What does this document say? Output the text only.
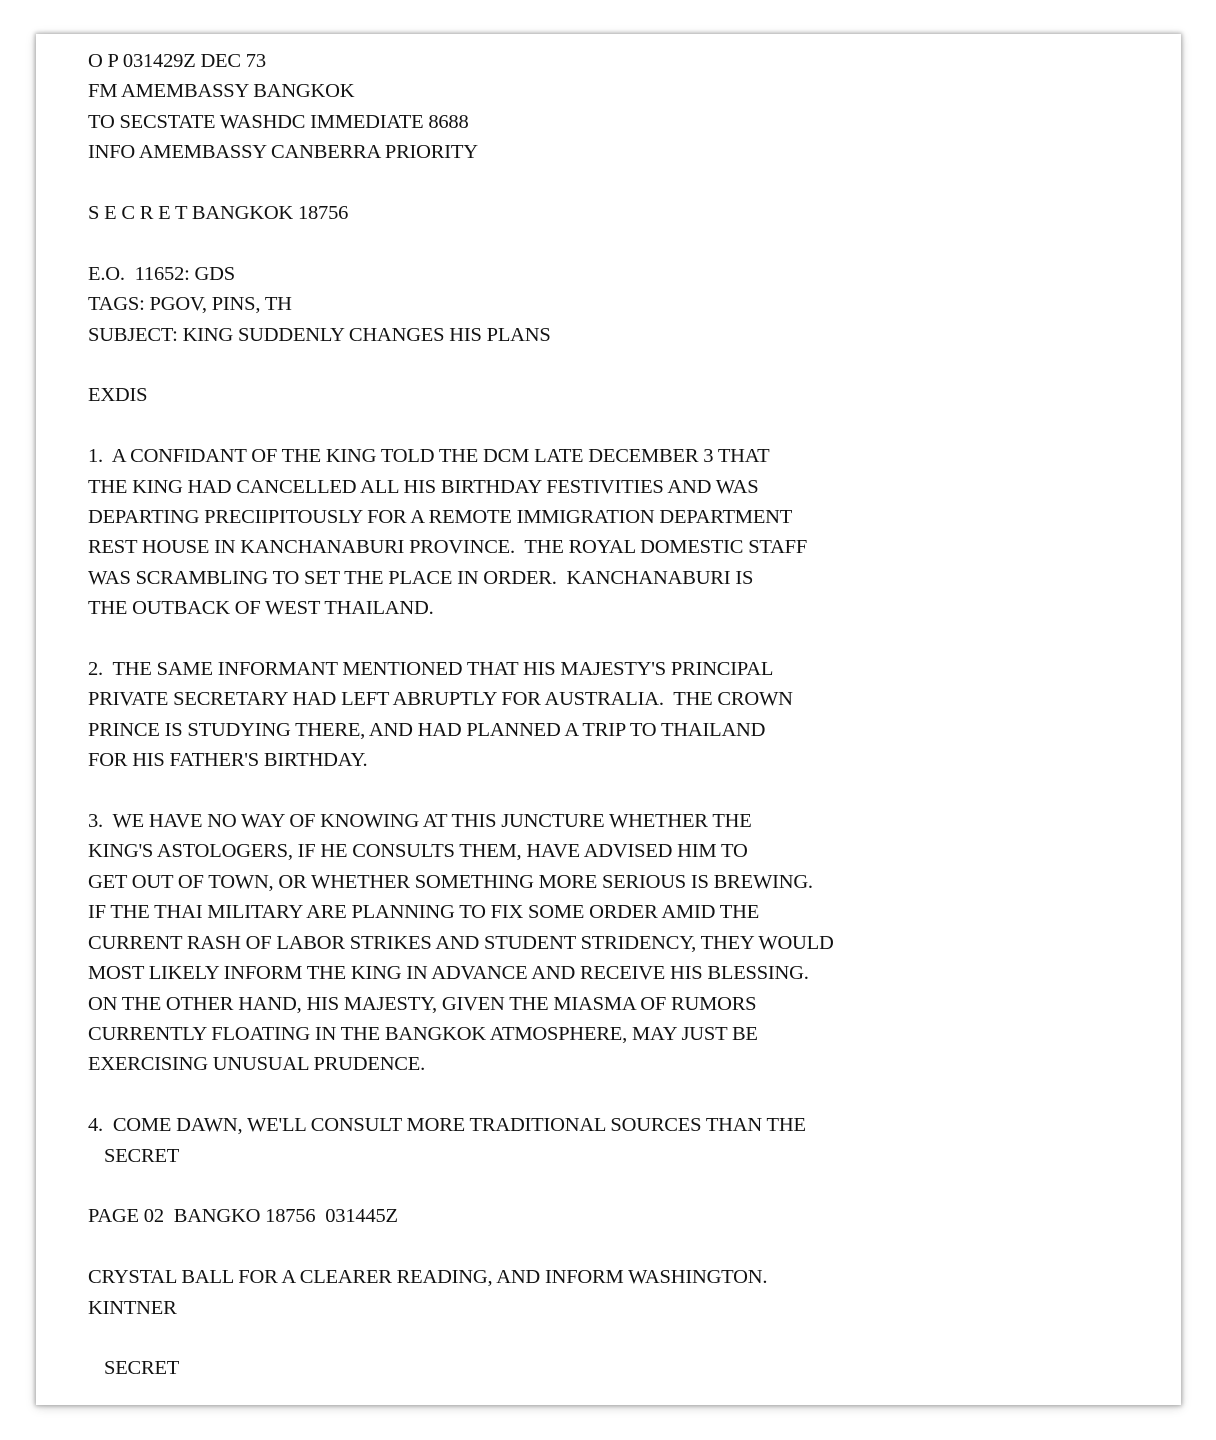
O P 031429Z DEC 73
FM AMEMBASSY BANGKOK
TO SECSTATE WASHDC IMMEDIATE 8688
INFO AMEMBASSY CANBERRA PRIORITY
S E C R E T BANGKOK 18756
E.O.  11652: GDS
TAGS: PGOV, PINS, TH
SUBJECT: KING SUDDENLY CHANGES HIS PLANS
EXDIS
1.  A CONFIDANT OF THE KING TOLD THE DCM LATE DECEMBER 3 THAT
THE KING HAD CANCELLED ALL HIS BIRTHDAY FESTIVITIES AND WAS
DEPARTING PRECIIPITOUSLY FOR A REMOTE IMMIGRATION DEPARTMENT
REST HOUSE IN KANCHANABURI PROVINCE.  THE ROYAL DOMESTIC STAFF
WAS SCRAMBLING TO SET THE PLACE IN ORDER.  KANCHANABURI IS
THE OUTBACK OF WEST THAILAND.
2.  THE SAME INFORMANT MENTIONED THAT HIS MAJESTY'S PRINCIPAL
PRIVATE SECRETARY HAD LEFT ABRUPTLY FOR AUSTRALIA.  THE CROWN
PRINCE IS STUDYING THERE, AND HAD PLANNED A TRIP TO THAILAND
FOR HIS FATHER'S BIRTHDAY.
3.  WE HAVE NO WAY OF KNOWING AT THIS JUNCTURE WHETHER THE
KING'S ASTOLOGERS, IF HE CONSULTS THEM, HAVE ADVISED HIM TO
GET OUT OF TOWN, OR WHETHER SOMETHING MORE SERIOUS IS BREWING.
IF THE THAI MILITARY ARE PLANNING TO FIX SOME ORDER AMID THE
CURRENT RASH OF LABOR STRIKES AND STUDENT STRIDENCY, THEY WOULD
MOST LIKELY INFORM THE KING IN ADVANCE AND RECEIVE HIS BLESSING.
ON THE OTHER HAND, HIS MAJESTY, GIVEN THE MIASMA OF RUMORS
CURRENTLY FLOATING IN THE BANGKOK ATMOSPHERE, MAY JUST BE
EXERCISING UNUSUAL PRUDENCE.
4.  COME DAWN, WE'LL CONSULT MORE TRADITIONAL SOURCES THAN THE
SECRET
PAGE 02  BANGKO 18756  031445Z
CRYSTAL BALL FOR A CLEARER READING, AND INFORM WASHINGTON.
KINTNER
SECRET
